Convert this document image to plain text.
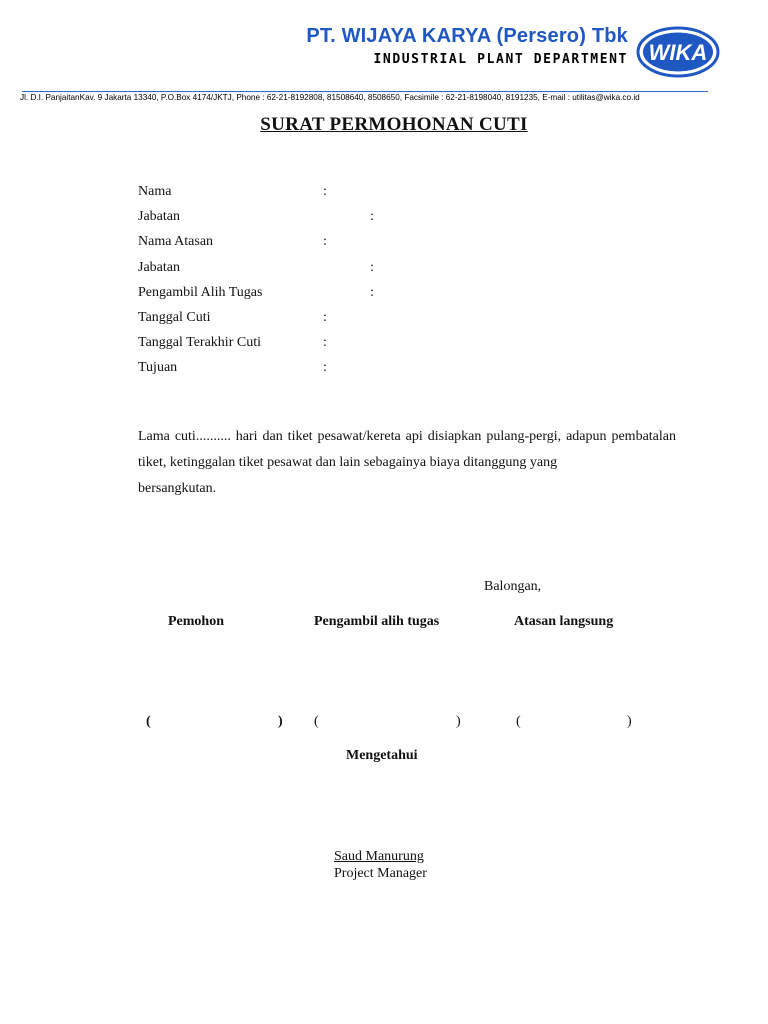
PT. WIJAYA KARYA (Persero) Tbk
INDUSTRIAL PLANT DEPARTMENT WIKA
Jl. D.I. PanjaitanKav. 9 Jakarta 13340, P.O.Box 4174/JKTJ, Phone : 62-21-8192808, 81508640, 8508650, Facsimile : 62-21-8198040, 8191235, E-mail : utilitas@wika.co.id
SURAT PERMOHONAN CUTI
Nama	:
Jabatan	:
Nama Atasan	:
Jabatan	:
Pengambil Alih Tugas	:
Tanggal Cuti	:
Tanggal Terakhir Cuti	:
Tujuan	:
Lama cuti.......... hari dan tiket pesawat/kereta api disiapkan pulang-pergi, adapun pembatalan tiket, ketinggalan tiket pesawat dan lain sebagainya biaya ditanggung yang
bersangkutan.
Balongan,
Pemohon	Pengambil alih tugas	Atasan langsung
(	) (	)	(	)
Mengetahui
Saud Manurung
Project Manager
